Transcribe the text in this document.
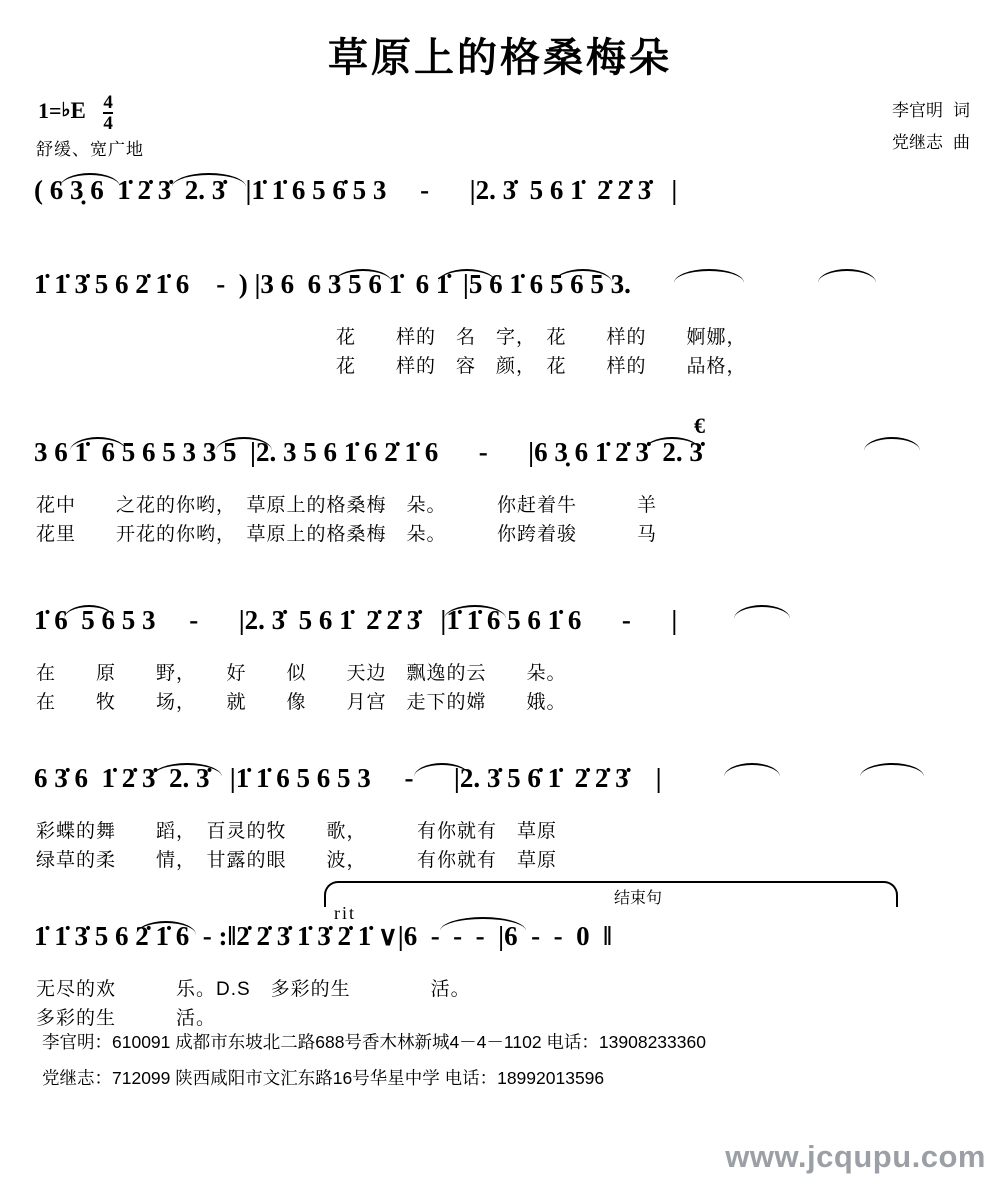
草原上的格桑梅朵
1=♭E $\frac{4}{4}$
舒缓、宽广地
李官明 词
党继志 曲
( 6 3̣ 6  1̇ 2̇ 3̇  2. 3̇   |1̇ 1̇ 6 5 6̇ 5 3     -      |2. 3̇  5 6 1̇  2̇ 2̇ 3̇   |
1̇ 1̇ 3̇ 5 6 2̇ 1̇ 6    -  ) |3 6  6 3 5 6 1̇  6 1̇  |5 6 1̇ 6 5 6 5 3.
花　　样的　名　字，　花　　样的　　婀娜，
花　　样的　容　颜，　花　　样的　　品格，
€
3 6 1̇  6 5 6 5 3 3 5  |2. 3 5 6 1̇ 6 2̇ 1̇ 6      -      |6 3̣ 6 1̇ 2̇ 3̇  2. 3̇
花中　　之花的你哟，　草原上的格桑梅　朵。　　　你赶着牛　　　羊
花里　　开花的你哟，　草原上的格桑梅　朵。　　　你跨着骏　　　马
1̇ 6  5 6 5 3     -      |2. 3̇  5 6 1̇  2̇ 2̇ 3̇   |1̇ 1̇ 6 5 6 1̇ 6      -      |
在　　原　　野，　　好　　似　　天边　飘逸的云　　朵。
在　　牧　　场，　　就　　像　　月宫　走下的嫦　　娥。
6 3̇ 6  1̇ 2̇ 3̇  2. 3̇   |1̇ 1̇ 6 5 6 5 3     -      |2. 3̇ 5 6̇ 1̇  2̇ 2̇ 3̇    |
彩蝶的舞　　蹈，　百灵的牧　　歌，　　　有你就有　草原
绿草的柔　　情，　甘露的眼　　波，　　　有你就有　草原
rit
结束句
1̇ 1̇ 3̇ 5 6 2̇ 1̇ 6  - :‖2̇ 2̇ 3̇ 1̇ 3̇ 2̇ 1̇ ∨|6  -  -  -  |6  -  -  0  ‖
无尽的欢　　　乐。D.S　多彩的生　　　　活。
多彩的生　　　活。
李官明：610091 成都市东坡北二路688号香木林新城4－4－1102 电话：13908233360
党继志：712099 陕西咸阳市文汇东路16号华星中学 电话：18992013596
www.jcqupu.com
